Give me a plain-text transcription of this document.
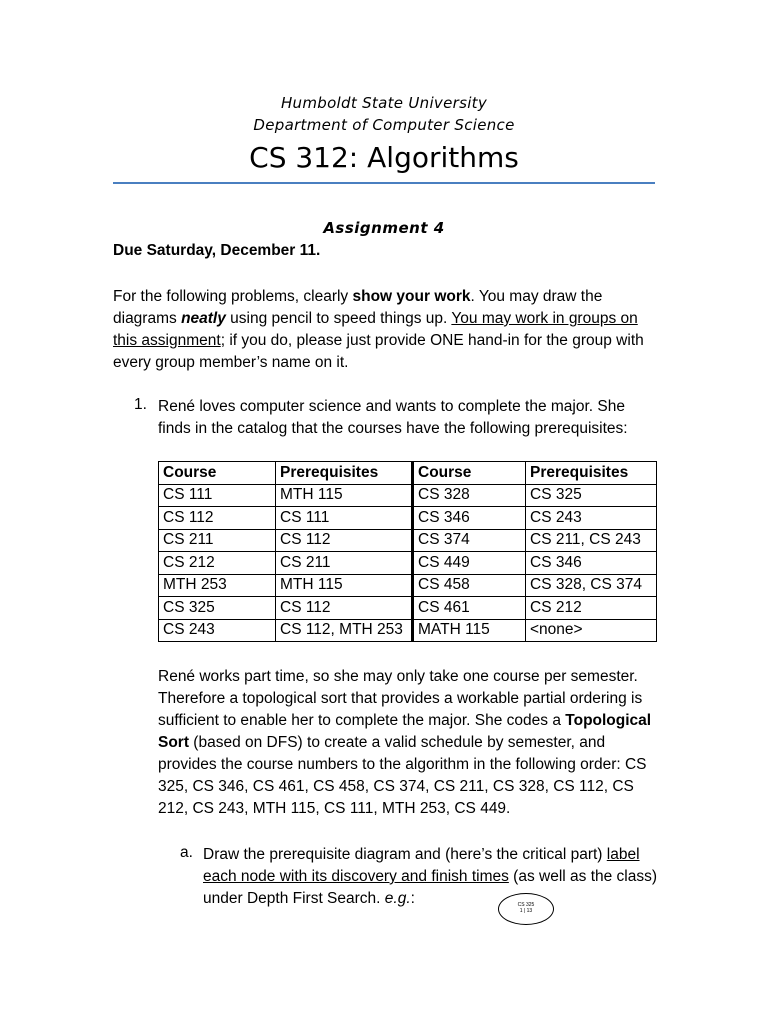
Humboldt State University
Department of Computer Science
CS 312: Algorithms
Assignment 4
Due Saturday, December 11.
For the following problems, clearly show your work. You may draw the diagrams neatly using pencil to speed things up. You may work in groups on this assignment; if you do, please just provide ONE hand-in for the group with every group member’s name on it.
1. René loves computer science and wants to complete the major. She finds in the catalog that the courses have the following prerequisites:
Course	Prerequisites	Course	Prerequisites
CS 111	MTH 115	CS 328	CS 325
CS 112	CS 111	CS 346	CS 243
CS 211	CS 112	CS 374	CS 211, CS 243
CS 212	CS 211	CS 449	CS 346
MTH 253	MTH 115	CS 458	CS 328, CS 374
CS 325	CS 112	CS 461	CS 212
CS 243	CS 112, MTH 253	MATH 115	<none>
René works part time, so she may only take one course per semester. Therefore a topological sort that provides a workable partial ordering is sufficient to enable her to complete the major. She codes a Topological Sort (based on DFS) to create a valid schedule by semester, and provides the course numbers to the algorithm in the following order: CS 325, CS 346, CS 461, CS 458, CS 374, CS 211, CS 328, CS 112, CS 212, CS 243, MTH 115, CS 111, MTH 253, CS 449.
a. Draw the prerequisite diagram and (here’s the critical part) label each node with its discovery and finish times (as well as the class) under Depth First Search. e.g.:	CS 325
1 | 13
